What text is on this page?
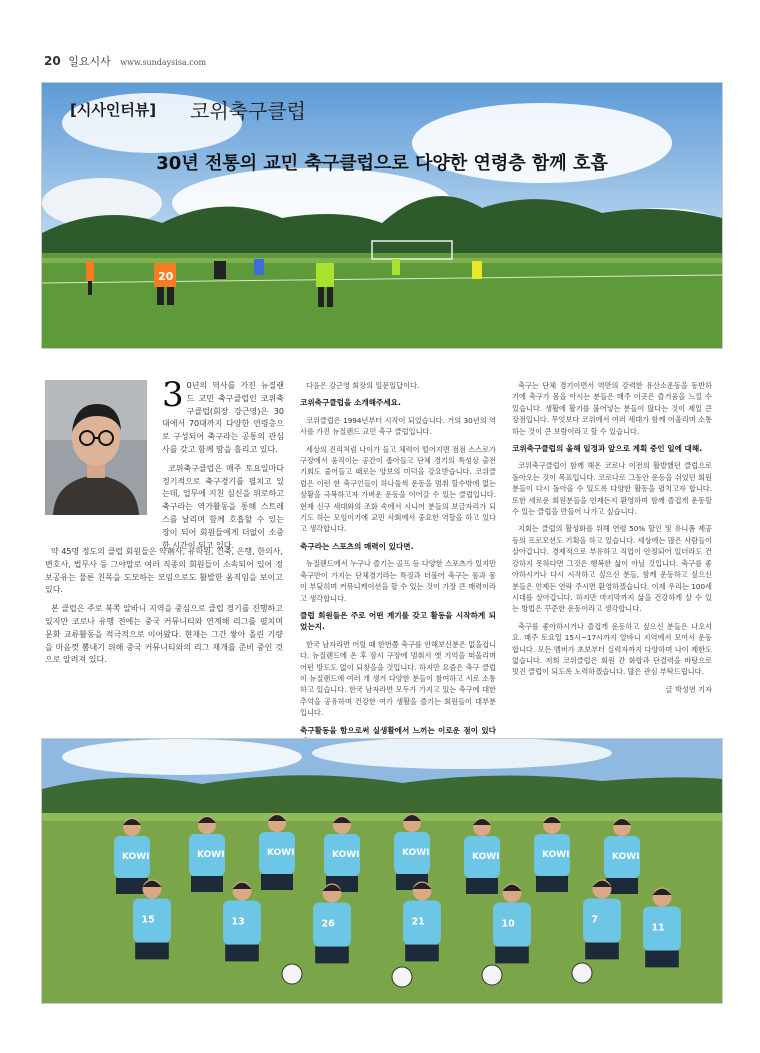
20 일요시사 www.sundaysisa.com
20
[시사인터뷰] 코위축구클럽
30년 전통의 교민 축구클럽으로 다양한 연령층 함께 호흡
3 0년의 역사를 가진 뉴질랜드 교민 축구클럽인 코위축구클럽(회장 강근영)은 30대에서 70대까지 다양한 연령층으로 구성되어 축구라는 공통의 관심사를 갖고 함께 땀을 흘리고 있다.

코위축구클럽은 매주 토요일마다 정기적으로 축구경기를 펼치고 있는데, 업무에 지친 심신을 위로하고 축구라는 역가활동을 통해 스트레스를 날리며 함께 호흡할 수 있는 장이 되어 회원들에게 더없이 소중한 시간이 되고 있다.

약 45명 정도의 클럽 회원들은 약剤사, 유학원, 건축, 은행, 한의사, 변호사, 법무사 등 그야말로 여러 직종의 회원들이 소속되어 있어 정보공유는 물론 친목을 도모하는 모임으로도 활발한 움직임을 보이고 있다.

본 클럽은 주로 북쪽 알바니 지역을 중심으로 클럽 경기를 진행하고 있지만 코로나 유행 전에는 중국 커뮤니티와 연계해 리그를 펼치며 문화 교류활동을 적극적으로 이어왔다. 현재는 그간 쌓아 올린 기량을 마음껏 뽐내기 위해 중국 커뮤니티와의 리그 재개를 준비 중인 것으로 알려져 있다.

다음은 강근영 회장의 일문일답이다.

코위축구클럽을 소개해주세요.

코위클럽은 1994년부터 시작이 되었습니다. 거의 30년의 역사를 가진 뉴질랜드 교민 축구 클럽입니다.

세상의 진리처럼 나이가 들고 체력이 떨어지면 점점 스스로가 구장에서 움직이는 공간이 좁아들고 단체 경기의 특성상 출전기회도 줄어들고 때로는 양보의 미덕을 강요받습니다. 코위클럽은 이런 한 축구인들이 하나둘씩 운동을 멈춰 할수밖에 없는 상황을 극복하고자 가벼운 운동을 이어갈 수 있는 클럽입니다. 현재 신구 세대와의 조화 속에서 시니어 분들의 보금자리가 되기도 하는 모임이기에 교민 사회에서 중요한 역할을 하고 있다고 생각합니다.

축구라는 스포츠의 매력이 있다면.

뉴질랜드에서 누구나 즐기는 골프 등 다양한 스포츠가 있지만 축구만이 가지는 단체경기라는 특징과 더불어 축구는 몸과 몸이 부딪히며 커뮤니케이션을 할 수 있는 것이 가장 큰 매력이라고 생각합니다.

클럽 회원들은 주로 어떤 계기를 갖고 활동을 시작하게 되었는지.

한국 남자라면 어릴 때 한번쯤 축구를 안해보신분은 없을겁니다. 뉴질랜드에 온 후 잠시 구장에 멈춰서 옛 기억을 떠올리며 어떤 방도도 없이 되찾을을 것입니다. 하지만 요즘은 축구 클럽이 뉴질랜드에 여러 개 생겨 다양한 분들이 참여하고 서로 소통하고 있습니다. 한국 남자라면 모두가 가지고 있는 축구에 대한 추억을 공유하며 건강한 여가 생활을 즐기는 회원들이 대부분입니다.

축구활동을 함으로써 실생활에서 느끼는 이로운 점이 있다

축구는 단체 경기이면서 역만의 강력한 유산소운동을 동반하기에 축구가 몸을 아시는 분들은 매주 이곳은 즐거움을 느낄 수 있습니다. 생활에 활기를 불어넣는 분들이 많다는 것이 제일 큰 장점입니다. 무엇보다 코위에서 여러 세대가 함께 어울리며 소통하는 것이 큰 보람이라고 할 수 있습니다.

코위축구클럽의 올해 일정과 앞으로 계획 중인 일에 대해.

코위축구클럽이 함께 해온 코로나 이전의 활발했던 클럽으로 돌아오는 것이 목표입니다. 코로나로 그동안 운동을 쉬었던 회원분들이 다시 돌아올 수 있도록 다양한 활동을 펼치고자 합니다. 또한 새로운 회원분들을 언제든지 환영하며 함께 즐겁게 운동할 수 있는 클럽을 만들어 나가고 싶습니다.

지회는 클럽의 활성화를 위해 연령 50% 할인 및 유니폼 제공 등의 프로모션도 기획을 하고 있습니다. 세상에는 많은 사람들이 살아갑니다. 경제적으로 부유하고 직업이 안정되어 있더라도 건강하지 못하다면 그것은 행복한 삶이 아닐 것입니다. 축구를 좋아하시거나 다시 시작하고 싶으신 분들, 함께 운동하고 싶으신 분들은 언제든 연락 주시면 환영하겠습니다. 이제 우리는 100세 시대를 살아갑니다. 하지만 마지막까지 삶을 건강하게 살 수 있는 방법은 꾸준한 운동이라고 생각합니다.

축구를 좋아하시거나 즐겁게 운동하고 싶으신 분들은 나오셔요. 매주 토요일 15시~17시까지 알바니 지역에서 모여서 운동합니다. 모든 멤버가 초보부터 실력자까지 다양하며 나이 제한도 없습니다. 저희 코위클럽은 회원 간 화합과 단결력을 바탕으로 멋진 클럽이 되도록 노력하겠습니다. 많은 관심 부탁드립니다.

글 박성연 기자

KOWI	KOWI	KOWI	KOWI	KOWI	KOWI	KOWI	KOWI
15	13	26	21	10	7
11
